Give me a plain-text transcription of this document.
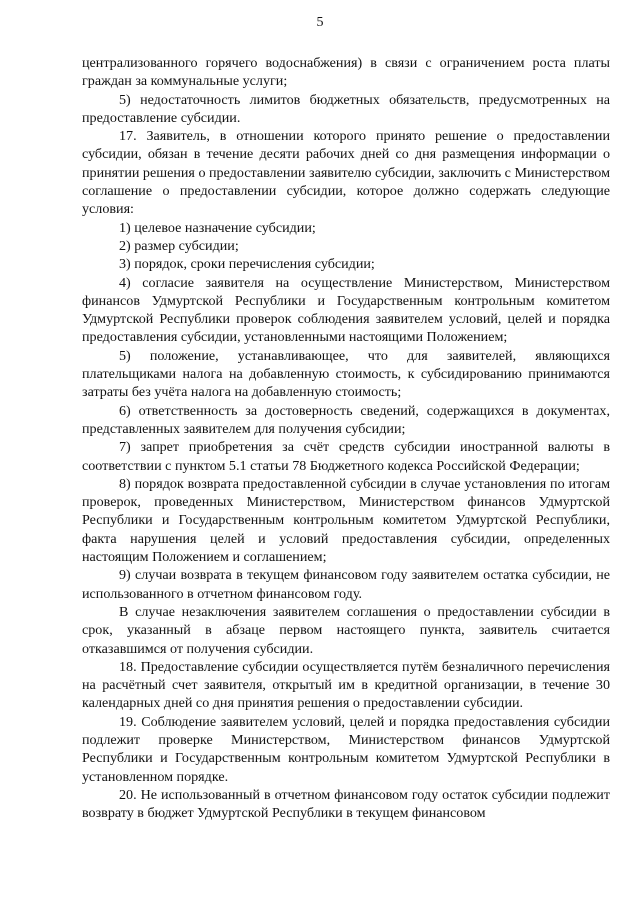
5

централизованного горячего водоснабжения) в связи с ограничением роста платы граждан за коммунальные услуги;

5) недостаточность лимитов бюджетных обязательств, предусмотренных на предоставление субсидии.

17. Заявитель, в отношении которого принято решение о предоставлении субсидии, обязан в течение десяти рабочих дней со дня размещения информации о принятии решения о предоставлении заявителю субсидии, заключить с Министерством соглашение о предоставлении субсидии, которое должно содержать следующие условия:

1) целевое назначение субсидии;

2) размер субсидии;

3) порядок, сроки перечисления субсидии;

4) согласие заявителя на осуществление Министерством, Министерством финансов Удмуртской Республики и Государственным контрольным комитетом Удмуртской Республики проверок соблюдения заявителем условий, целей и порядка предоставления субсидии, установленными настоящими Положением;

5) положение, устанавливающее, что для заявителей, являющихся плательщиками налога на добавленную стоимость, к субсидированию принимаются затраты без учёта налога на добавленную стоимость;

6) ответственность за достоверность сведений, содержащихся в документах, представленных заявителем для получения субсидии;

7) запрет приобретения за счёт средств субсидии иностранной валюты в соответствии с пунктом 5.1 статьи 78 Бюджетного кодекса Российской Федерации;

8) порядок возврата предоставленной субсидии в случае установления по итогам проверок, проведенных Министерством, Министерством финансов Удмуртской Республики и Государственным контрольным комитетом Удмуртской Республики, факта нарушения целей и условий предоставления субсидии, определенных настоящим Положением и соглашением;

9) случаи возврата в текущем финансовом году заявителем остатка субсидии, не использованного в отчетном финансовом году.

В случае незаключения заявителем соглашения о предоставлении субсидии в срок, указанный в абзаце первом настоящего пункта, заявитель считается отказавшимся от получения субсидии.

18. Предоставление субсидии осуществляется путём безналичного перечисления на расчётный счет заявителя, открытый им в кредитной организации, в течение 30 календарных дней со дня принятия решения о предоставлении субсидии.

19. Соблюдение заявителем условий, целей и порядка предоставления субсидии подлежит проверке Министерством, Министерством финансов Удмуртской Республики и Государственным контрольным комитетом Удмуртской Республики в установленном порядке.

20. Не использованный в отчетном финансовом году остаток субсидии подлежит возврату в бюджет Удмуртской Республики в текущем финансовом
